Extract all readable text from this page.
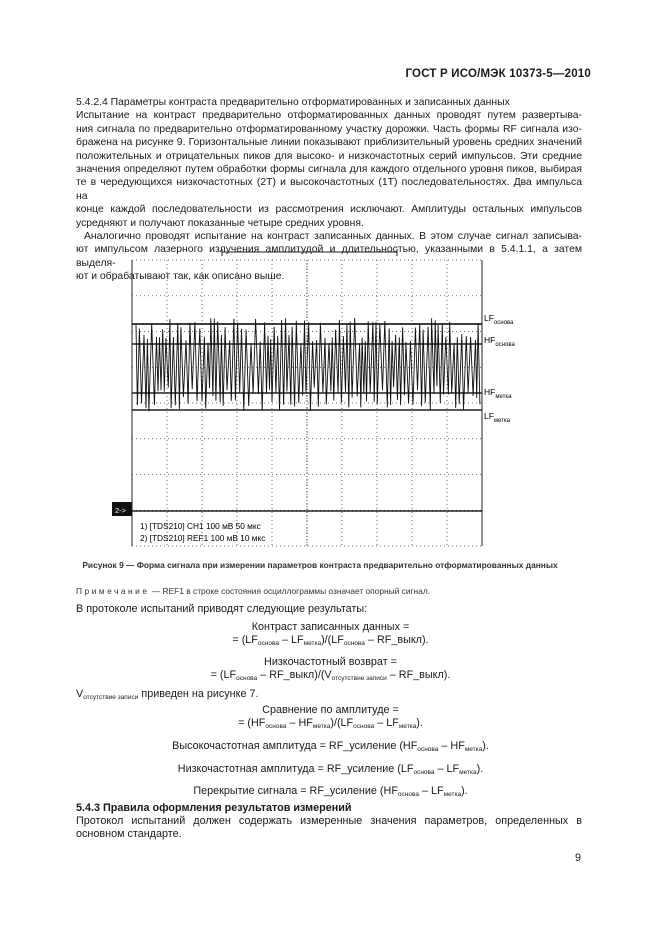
ГОСТ Р ИСО/МЭК 10373-5—2010
5.4.2.4 Параметры контраста предварительно отформатированных и записанных данных
Испытание на контраст предварительно отформатированных данных проводят путем развертыва-
ния сигнала по предварительно отформатированному участку дорожки. Часть формы RF сигнала изо-
бражена на рисунке 9. Горизонтальные линии показывают приблизительный уровень средних значений
положительных и отрицательных пиков для высоко- и низкочастотных серий импульсов. Эти средние
значения определяют путем обработки формы сигнала для каждого отдельного уровня пиков, выбирая
те в чередующихся низкочастотных (2Т) и высокочастотных (1Т) последовательностях. Два импульса на
конце каждой последовательности из рассмотрения исключают. Амплитуды остальных импульсов
усредняют и получают показанные четыре средних уровня.
Аналогично проводят испытание на контраст записанных данных. В этом случае сигнал записыва-
ют импульсом лазерного излучения амплитудой и длительностью, указанными в 5.4.1.1, а затем выделя-
ют и обрабатывают так, как описано выше.
$LF_{основа}$
$HF_{основа}$
$HF_{метка}$
$LF_{метка}$
2->
1) [TDS210] CH1 100 мВ 50 мкс
2) [TDS210] REF1 100 мВ 10 мкс
Рисунок 9 — Форма сигнала при измерении параметров контраста предварительно отформатированных данных
Примечание — REF1 в строке состояния осциллограммы означает опорный сигнал.
В протоколе испытаний приводят следующие результаты:
Контраст записанных данных =
= $(LF_{основа} - LF_{метка})/(LF_{основа}$ – RF_выкл).
Низкочастотный возврат =
= ($LF_{основа}$ – $RF\_выкл)/(V_{отсутствие записи}$ – RF_выкл).
$V_{отсутствие записи}$ приведен на рисунке 7.
Сравнение по амплитуде =
= $(HF_{основа} - HF_{метка})/(LF_{основа} - LF_{метка})$.
Высокочастотная амплитуда = RF_усиление $(HF_{основа} - HF_{метка})$.
Низкочастотная амплитуда = RF_усиление $(LF_{основа} - LF_{метка})$.
Перекрытие сигнала = RF_усиление $(HF_{основа} - LF_{метка})$.
5.4.3 Правила оформления результатов измерений
Протокол испытаний должен содержать измеренные значения параметров, определенных в
основном стандарте.
9
